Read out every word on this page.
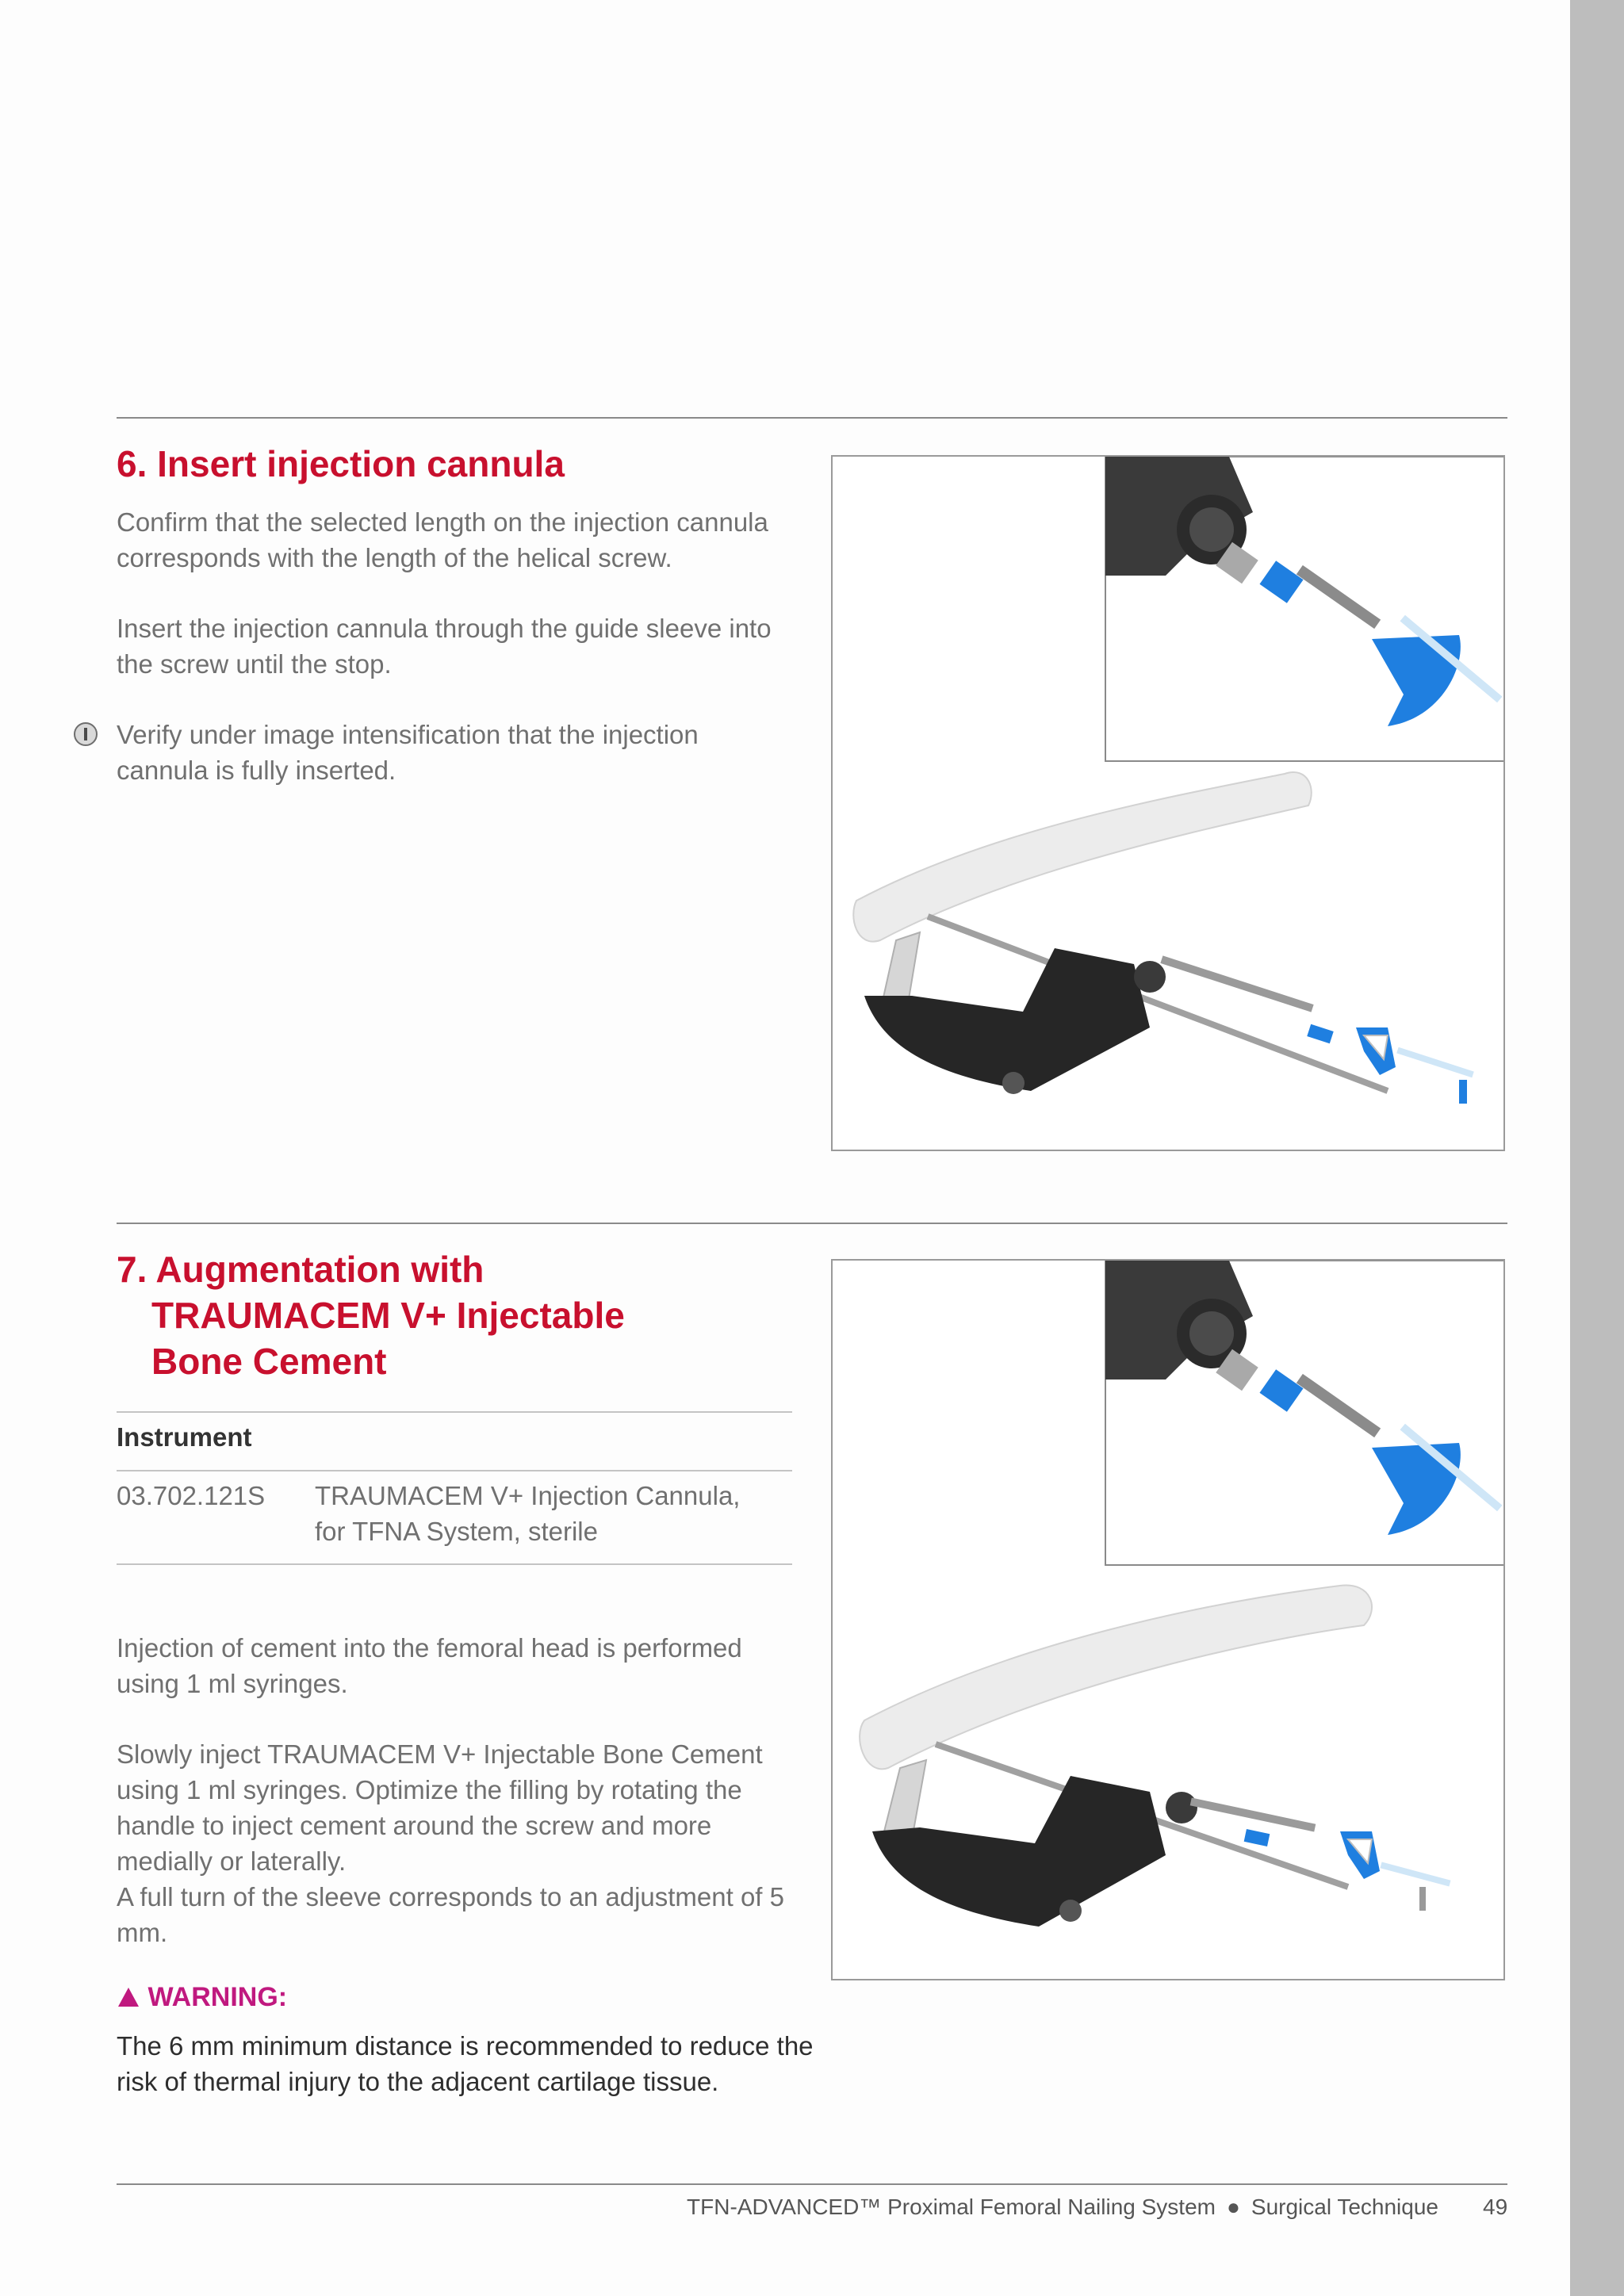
6. Insert injection cannula

Confirm that the selected length on the injection cannula corresponds with the length of the helical screw.

Insert the injection cannula through the guide sleeve into the screw until the stop.

Verify under image intensification that the injection cannula is fully inserted.

7. Augmentation with
TRAUMACEM V+ Injectable
Bone Cement
Instrument
03.702.121S TRAUMACEM V+ Injection Cannula, for TFNA System, sterile

Injection of cement into the femoral head is performed using 1 ml syringes.

Slowly inject TRAUMACEM V+ Injectable Bone Cement using 1 ml syringes. Optimize the filling by rotating the handle to inject cement around the screw and more medially or laterally.

A full turn of the sleeve corresponds to an adjustment of 5 mm.

WARNING:

The 6 mm minimum distance is recommended to reduce the risk of thermal injury to the adjacent cartilage tissue.

TFN-ADVANCED™ Proximal Femoral Nailing System ● Surgical Technique 49
